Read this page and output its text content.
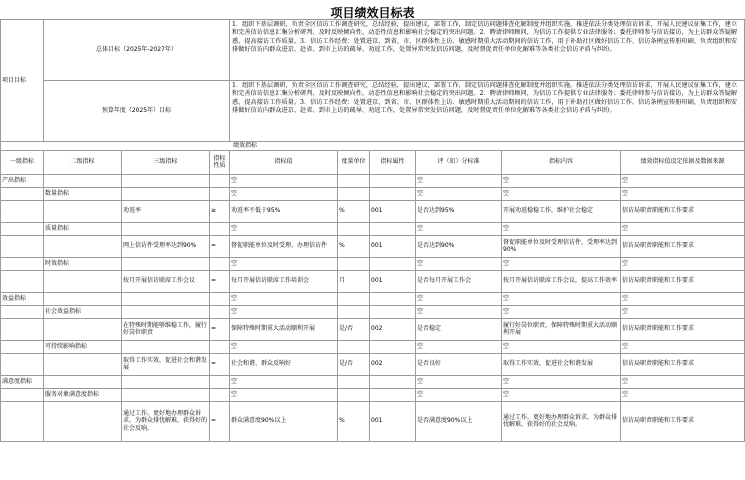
项目绩效目标表
项目目标	总体目标（2025年-2027年）			1．组织下基层调研，负责全区信访工作调查研究，总结经验，提出建议，部署工作，制定信访问题排查化解制度并组织实施，推进依法分类处理信访诉求，开展人民建议征集工作，建立和完善信访信息汇集分析研判、及时反映倾向性、动态性信息和影响社会稳定的突出问题。2．聘请律师顾问，为信访工作提供专业法律服务；委托律师参与信访接访，为上访群众答疑解惑，提高接访工作质量。3．信访工作经费：处置进京、到省、市、区群体性上访、敏感时期重大活动期间的信访工作，用于补助社区做好信访工作、信访条例宣传册印刷、负责组织和安排做好信访内群众进京、赴省、到市上访的疏导、劝返工作，处置异常突发信访问题，及时督促责任单位化解难等各类社会信访矛盾与纠纷。					
	预算年度（2025年）目标			1．组织下基层调研，负责全区信访工作调查研究，总结经验，提出建议，部署工作，制定信访问题排查化解制度并组织实施，推进依法分类处理信访诉求，开展人民建议征集工作，建立和完善信访信息汇集分析研判、及时反映倾向性、动态性信息和影响社会稳定的突出问题。2．聘请律师顾问，为信访工作提供专业法律服务；委托律师参与信访接访，为上访群众答疑解惑，提高接访工作质量。3．信访工作经费：处置进京、到省、市、区群体性上访、敏感时期重大活动期间的信访工作，用于补助社区做好信访工作、信访条例宣传册印刷、负责组织和安排做好信访内群众进京、赴省、到市上访的疏导、劝返工作，处置异常突发信访问题，及时督促责任单位化解难等各类社会信访矛盾与纠纷。					
绩效指标									
一级指标	二级指标	三级指标	指标性质	指标值	度量单位	指标属性	评（扣）分标准	指标内容	绩效指标值设定依据及数据来源
产出指标				空			空	空	空
	数量指标			空			空	空	空
		劝返率	≥	劝返率不低于95%	%	001	是否达到95%	开展劝返稳稳工作，维护社会稳定	信访局职责职能和工作要求
	质量指标			空			空	空	空
		网上信访件受理率达到90%	=	督促职能单位及时受理、办理信访件	%	001	是否达到90%	督促职能单位及时受理信访件，受理率达到90%	信访局职责职能和工作要求
	时效指标			空			空	空	空
		按月开展信访联席工作会议	=	每月开展信访联席工作培训会	月	001	是否每月开展工作会	按月开展信访联席工作会议，提高工作效率	信访局职责职能和工作要求
效益指标				空			空	空	空
	社会效益指标			空			空	空	空
		在特殊时期能够维稳工作，履行好岗位职责	=	保障特殊时期重大活动顺利开展	是/否	002	是否稳定	履行好岗位职责，保障特殊时期重大活动顺利开展	信访局职责职能和工作要求
	可持续影响指标			空			空	空	空
		取得工作实效，促进社会和谐发展	=	社会和谐、群众反响好	是/否	002	是否良好	取得工作实效，促进社会和谐发展	信访局职责职能和工作要求
满意度指标				空			空	空	空
	服务对象满意度指标			空			空	空	空
		通过工作，更好地办理群众诉求，为群众排忧解难，获得好的社会反响。	=	群众满意度90%以上	%	001	是否满意度90%以上	通过工作，更好地办理群众诉求，为群众排忧解难，获得好的社会反响。	信访局职责职能和工作要求
